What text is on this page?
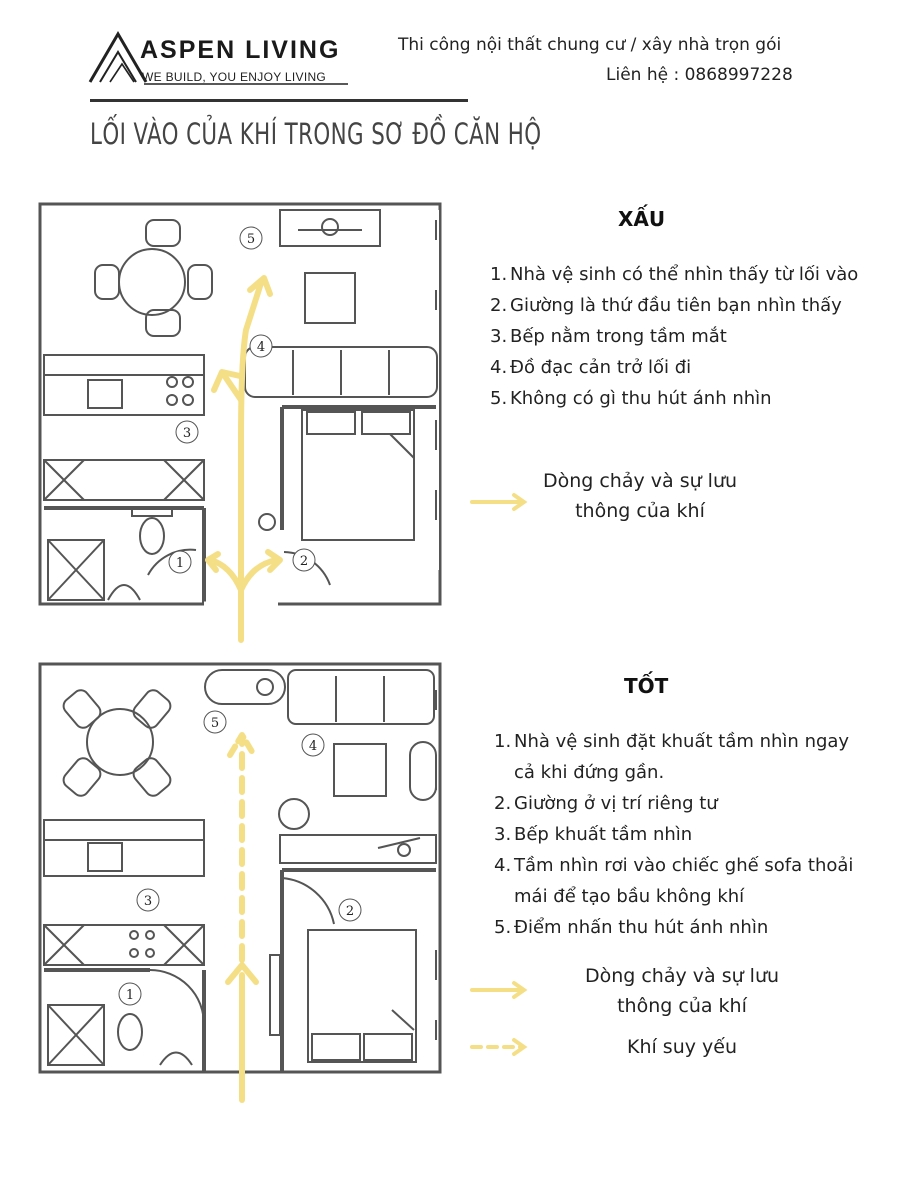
ASPEN LIVING
WE BUILD, YOU ENJOY LIVING
Thi công nội thất chung cư / xây nhà trọn gói
Liên hệ : 0868997228
LỐI VÀO CỦA KHÍ TRONG SƠ ĐỒ CĂN HỘ
5
4
3
1	2
XẤU
1. Nhà vệ sinh có thể nhìn thấy từ lối vào
2. Giường là thứ đầu tiên bạn nhìn thấy
3. Bếp nằm trong tầm mắt
4. Đồ đạc cản trở lối đi
5. Không có gì thu hút ánh nhìn
Dòng chảy và sự lưu thông của khí
5
4
3
2
1
TỐT
1. Nhà vệ sinh đặt khuất tầm nhìn ngay cả khi đứng gần.
2. Giường ở vị trí riêng tư
3. Bếp khuất tầm nhìn
4. Tầm nhìn rơi vào chiếc ghế sofa thoải mái để tạo bầu không khí
5. Điểm nhấn thu hút ánh nhìn
Dòng chảy và sự lưu thông của khí
Khí suy yếu
